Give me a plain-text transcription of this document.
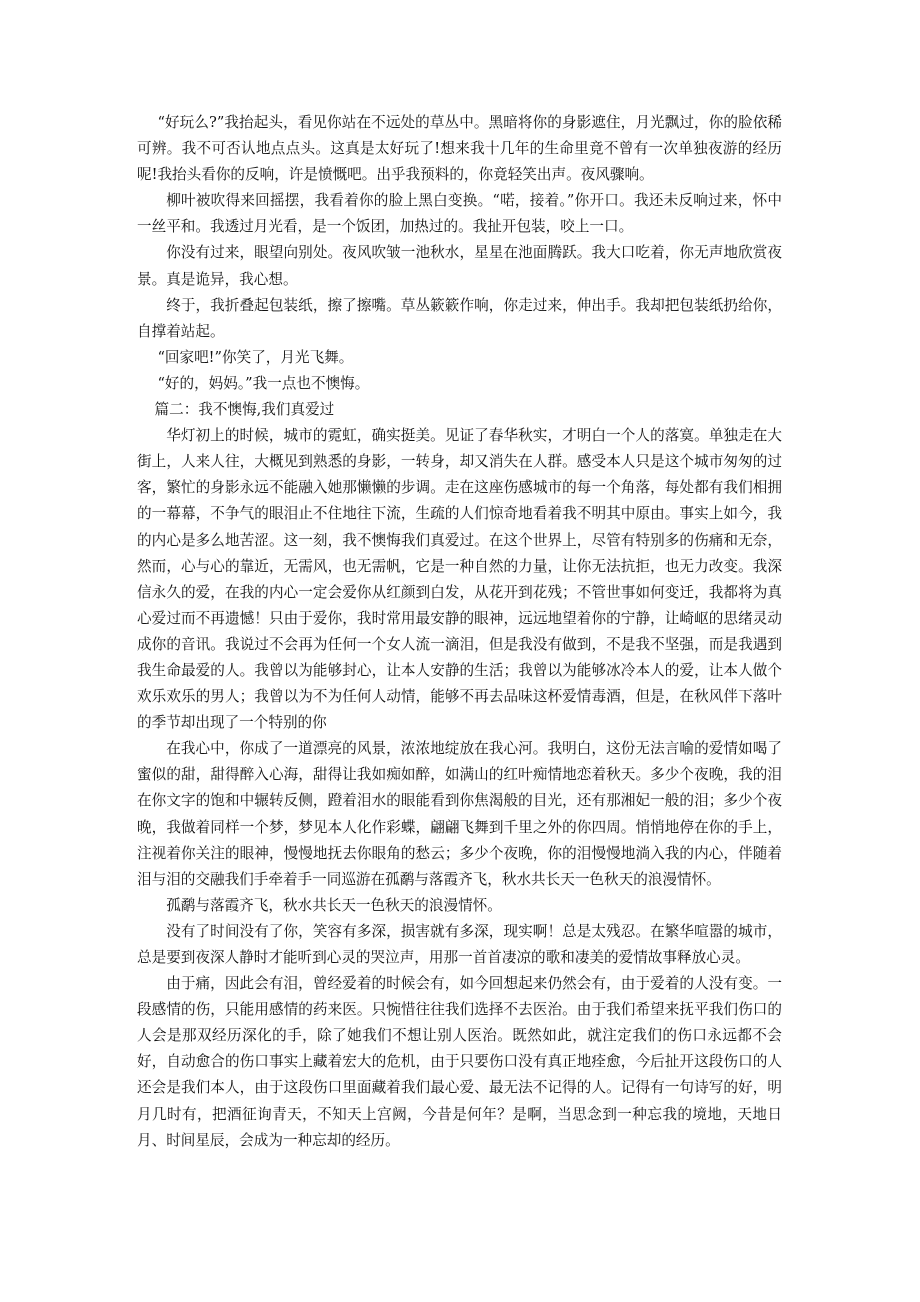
“好玩么?”我抬起头，看见你站在不远处的草丛中。黑暗将你的身影遮住，月光飘过，你的脸依稀可辨。我不可否认地点点头。这真是太好玩了!想来我十几年的生命里竟不曾有一次单独夜游的经历呢!我抬头看你的反响，许是愤慨吧。出乎我预料的，你竟轻笑出声。夜风骤响。

柳叶被吹得来回摇摆，我看着你的脸上黑白变换。“喏，接着。”你开口。我还未反响过来，怀中一丝平和。我透过月光看，是一个饭团，加热过的。我扯开包装，咬上一口。

你没有过来，眼望向别处。夜风吹皱一池秋水，星星在池面腾跃。我大口吃着，你无声地欣赏夜景。真是诡异，我心想。

终于，我折叠起包装纸，擦了擦嘴。草丛簌簌作响，你走过来，伸出手。我却把包装纸扔给你，自撑着站起。

“回家吧!”你笑了，月光飞舞。

“好的，妈妈。”我一点也不懊悔。

篇二：我不懊悔,我们真爱过

华灯初上的时候，城市的霓虹，确实挺美。见证了春华秋实，才明白一个人的落寞。单独走在大街上，人来人往，大概见到熟悉的身影，一转身，却又消失在人群。感受本人只是这个城市匆匆的过客，繁忙的身影永远不能融入她那懒懒的步调。走在这座伤感城市的每一个角落，每处都有我们相拥的一幕幕，不争气的眼泪止不住地往下流，生疏的人们惊奇地看着我不明其中原由。事实上如今，我的内心是多么地苦涩。这一刻，我不懊悔我们真爱过。在这个世界上，尽管有特别多的伤痛和无奈，然而，心与心的靠近，无需风，也无需帆，它是一种自然的力量，让你无法抗拒，也无力改变。我深信永久的爱，在我的内心一定会爱你从红颜到白发，从花开到花残；不管世事如何变迁，我都将为真心爱过而不再遗憾！只由于爱你，我时常用最安静的眼神，远远地望着你的宁静，让崎岖的思绪灵动成你的音讯。我说过不会再为任何一个女人流一滴泪，但是我没有做到，不是我不坚强，而是我遇到我生命最爱的人。我曾以为能够封心，让本人安静的生活；我曾以为能够冰冷本人的爱，让本人做个欢乐欢乐的男人；我曾以为不为任何人动情，能够不再去品味这杯爱情毒酒，但是，在秋风伴下落叶的季节却出现了一个特别的你

在我心中，你成了一道漂亮的风景，浓浓地绽放在我心河。我明白，这份无法言喻的爱情如喝了蜜似的甜，甜得醉入心海，甜得让我如痴如醉，如满山的红叶痴情地恋着秋天。多少个夜晚，我的泪在你文字的饱和中辗转反侧，蹬着泪水的眼能看到你焦渴般的目光，还有那湘妃一般的泪；多少个夜晚，我做着同样一个梦，梦见本人化作彩蝶，翩翩飞舞到千里之外的你四周。悄悄地停在你的手上，注视着你关注的眼神，慢慢地抚去你眼角的愁云；多少个夜晚，你的泪慢慢地淌入我的内心，伴随着泪与泪的交融我们手牵着手一同巡游在孤鹬与落霞齐飞，秋水共长天一色秋天的浪漫情怀。

孤鹬与落霞齐飞，秋水共长天一色秋天的浪漫情怀。

没有了时间没有了你，笑容有多深，损害就有多深，现实啊！总是太残忍。在繁华喧嚣的城市，总是要到夜深人静时才能听到心灵的哭泣声，用那一首首凄凉的歌和凄美的爱情故事释放心灵。

由于痛，因此会有泪，曾经爱着的时候会有，如今回想起来仍然会有，由于爱着的人没有变。一段感情的伤，只能用感情的药来医。只惋惜往往我们选择不去医治。由于我们希望来抚平我们伤口的人会是那双经历深化的手，除了她我们不想让别人医治。既然如此，就注定我们的伤口永远都不会好，自动愈合的伤口事实上藏着宏大的危机，由于只要伤口没有真正地痊愈，今后扯开这段伤口的人还会是我们本人，由于这段伤口里面藏着我们最心爱、最无法不记得的人。记得有一句诗写的好，明月几时有，把酒征询青天，不知天上宫阙，今昔是何年？是啊，当思念到一种忘我的境地，天地日月、时间星辰，会成为一种忘却的经历。
